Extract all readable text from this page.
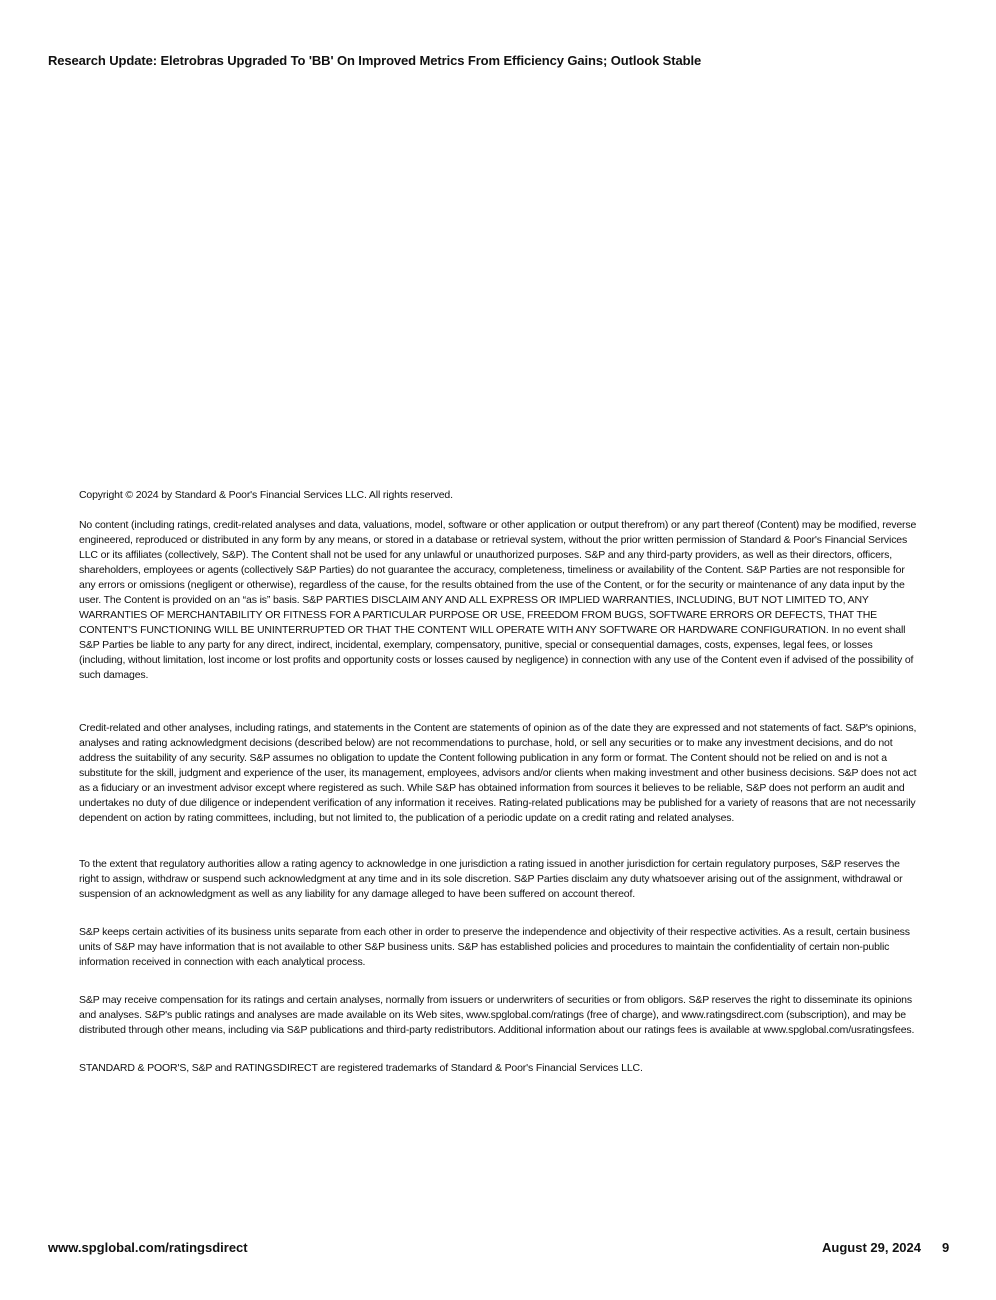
Research Update: Eletrobras Upgraded To 'BB' On Improved Metrics From Efficiency Gains; Outlook Stable

Copyright © 2024 by Standard & Poor's Financial Services LLC. All rights reserved.

No content (including ratings, credit-related analyses and data, valuations, model, software or other application or output therefrom) or any part thereof (Content) may be modified, reverse engineered, reproduced or distributed in any form by any means, or stored in a database or retrieval system, without the prior written permission of Standard & Poor's Financial Services LLC or its affiliates (collectively, S&P). The Content shall not be used for any unlawful or unauthorized purposes. S&P and any third-party providers, as well as their directors, officers, shareholders, employees or agents (collectively S&P Parties) do not guarantee the accuracy, completeness, timeliness or availability of the Content. S&P Parties are not responsible for any errors or omissions (negligent or otherwise), regardless of the cause, for the results obtained from the use of the Content, or for the security or maintenance of any data input by the user. The Content is provided on an “as is” basis. S&P PARTIES DISCLAIM ANY AND ALL EXPRESS OR IMPLIED WARRANTIES, INCLUDING, BUT NOT LIMITED TO, ANY WARRANTIES OF MERCHANTABILITY OR FITNESS FOR A PARTICULAR PURPOSE OR USE, FREEDOM FROM BUGS, SOFTWARE ERRORS OR DEFECTS, THAT THE CONTENT'S FUNCTIONING WILL BE UNINTERRUPTED OR THAT THE CONTENT WILL OPERATE WITH ANY SOFTWARE OR HARDWARE CONFIGURATION. In no event shall S&P Parties be liable to any party for any direct, indirect, incidental, exemplary, compensatory, punitive, special or consequential damages, costs, expenses, legal fees, or losses (including, without limitation, lost income or lost profits and opportunity costs or losses caused by negligence) in connection with any use of the Content even if advised of the possibility of such damages.

Credit-related and other analyses, including ratings, and statements in the Content are statements of opinion as of the date they are expressed and not statements of fact. S&P's opinions, analyses and rating acknowledgment decisions (described below) are not recommendations to purchase, hold, or sell any securities or to make any investment decisions, and do not address the suitability of any security. S&P assumes no obligation to update the Content following publication in any form or format. The Content should not be relied on and is not a substitute for the skill, judgment and experience of the user, its management, employees, advisors and/or clients when making investment and other business decisions. S&P does not act as a fiduciary or an investment advisor except where registered as such. While S&P has obtained information from sources it believes to be reliable, S&P does not perform an audit and undertakes no duty of due diligence or independent verification of any information it receives. Rating-related publications may be published for a variety of reasons that are not necessarily dependent on action by rating committees, including, but not limited to, the publication of a periodic update on a credit rating and related analyses.

To the extent that regulatory authorities allow a rating agency to acknowledge in one jurisdiction a rating issued in another jurisdiction for certain regulatory purposes, S&P reserves the right to assign, withdraw or suspend such acknowledgment at any time and in its sole discretion. S&P Parties disclaim any duty whatsoever arising out of the assignment, withdrawal or suspension of an acknowledgment as well as any liability for any damage alleged to have been suffered on account thereof.

S&P keeps certain activities of its business units separate from each other in order to preserve the independence and objectivity of their respective activities. As a result, certain business units of S&P may have information that is not available to other S&P business units. S&P has established policies and procedures to maintain the confidentiality of certain non-public information received in connection with each analytical process.

S&P may receive compensation for its ratings and certain analyses, normally from issuers or underwriters of securities or from obligors. S&P reserves the right to disseminate its opinions and analyses. S&P's public ratings and analyses are made available on its Web sites, www.spglobal.com/ratings (free of charge), and www.ratingsdirect.com (subscription), and may be distributed through other means, including via S&P publications and third-party redistributors. Additional information about our ratings fees is available at www.spglobal.com/usratingsfees.

STANDARD & POOR'S, S&P and RATINGSDIRECT are registered trademarks of Standard & Poor's Financial Services LLC.

www.spglobal.com/ratingsdirect	August 29, 2024 9
